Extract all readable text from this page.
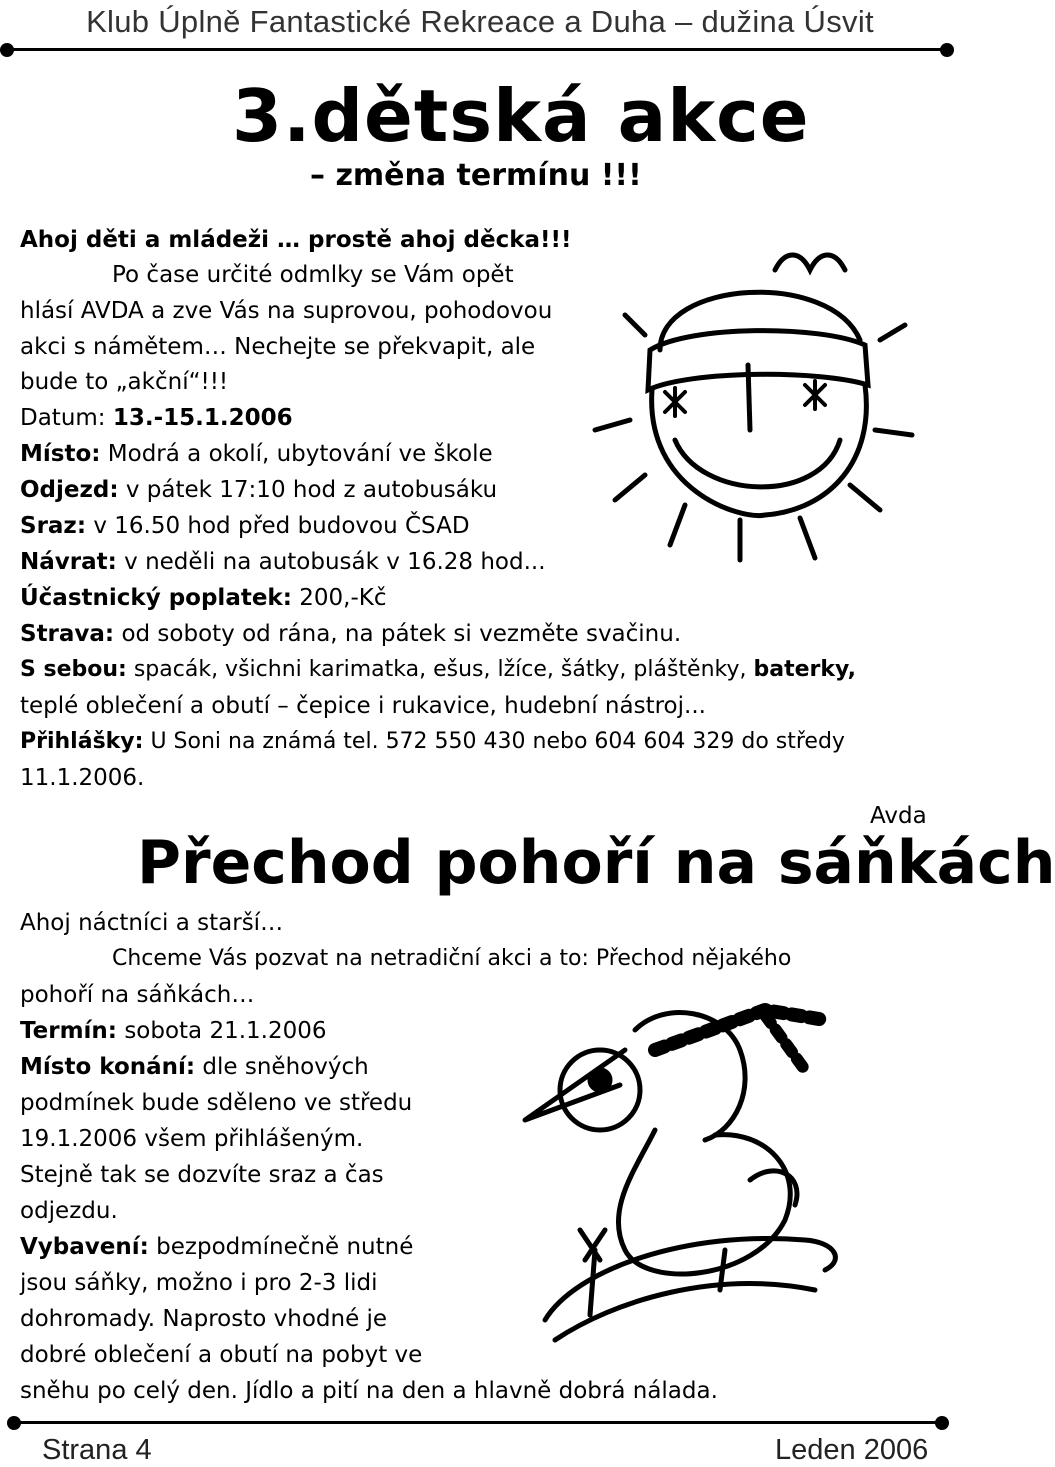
Klub Úplně Fantastické Rekreace a Duha – dužina Úsvit
3.dětská akce
– změna termínu !!!
Ahoj děti a mládeži … prostě ahoj děcka!!!
Po čase určité odmlky se Vám opět
hlásí AVDA a zve Vás na suprovou, pohodovou
akci s námětem… Nechejte se překvapit, ale
bude to „akční“!!!
Datum: 13.-15.1.2006
Místo: Modrá a okolí, ubytování ve škole
Odjezd: v pátek 17:10 hod z autobusáku
Sraz: v 16.50 hod před budovou ČSAD
Návrat: v neděli na autobusák v 16.28 hod...
Účastnický poplatek: 200,-Kč
Strava: od soboty od rána, na pátek si vezměte svačinu.
S sebou: spacák, všichni karimatka, ešus, lžíce, šátky, pláštěnky, baterky,
teplé oblečení a obutí – čepice i rukavice, hudební nástroj...
Přihlášky: U Soni na známá tel. 572 550 430 nebo 604 604 329 do středy
11.1.2006.
Avda
Přechod pohoří na sáňkách
Ahoj náctníci a starší…
Chceme Vás pozvat na netradiční akci a to: Přechod nějakého
pohoří na sáňkách…
Termín: sobota 21.1.2006
Místo konání: dle sněhových
podmínek bude sděleno ve středu
19.1.2006 všem přihlášeným.
Stejně tak se dozvíte sraz a čas
odjezdu.
Vybavení: bezpodmínečně nutné
jsou sáňky, možno i pro 2-3 lidi
dohromady. Naprosto vhodné je
dobré oblečení a obutí na pobyt ve
sněhu po celý den. Jídlo a pití na den a hlavně dobrá nálada.
Strana 4	Leden 2006
